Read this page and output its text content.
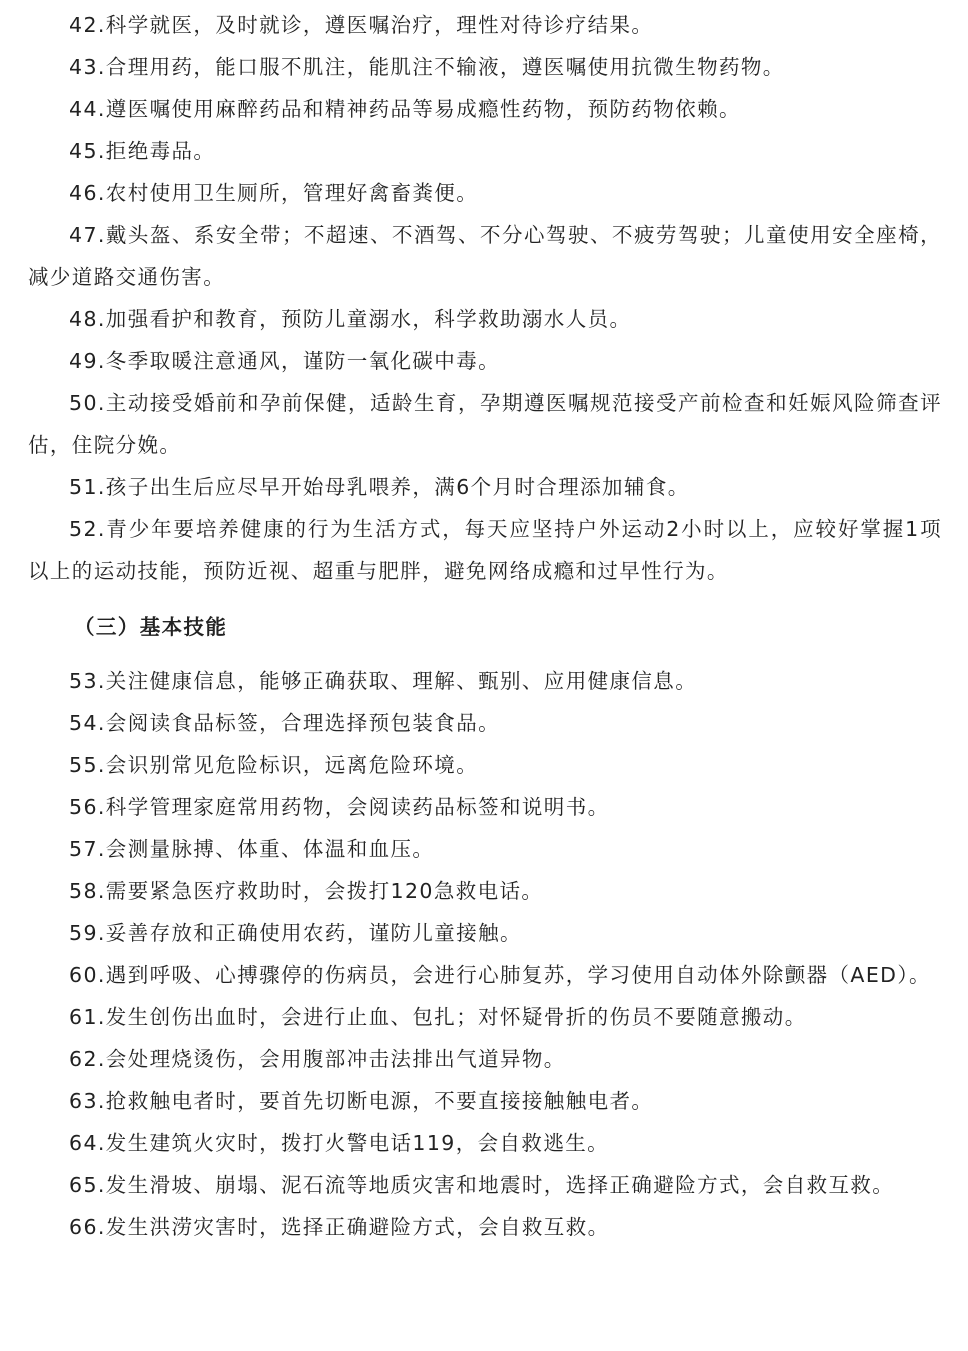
42.科学就医，及时就诊，遵医嘱治疗，理性对待诊疗结果。

43.合理用药，能口服不肌注，能肌注不输液，遵医嘱使用抗微生物药物。

44.遵医嘱使用麻醉药品和精神药品等易成瘾性药物，预防药物依赖。

45.拒绝毒品。

46.农村使用卫生厕所，管理好禽畜粪便。

47.戴头盔、系安全带；不超速、不酒驾、不分心驾驶、不疲劳驾驶；儿童使用安全座椅，减少道路交通伤害。

48.加强看护和教育，预防儿童溺水，科学救助溺水人员。

49.冬季取暖注意通风，谨防一氧化碳中毒。

50.主动接受婚前和孕前保健，适龄生育，孕期遵医嘱规范接受产前检查和妊娠风险筛查评估，住院分娩。

51.孩子出生后应尽早开始母乳喂养，满6个月时合理添加辅食。

52.青少年要培养健康的行为生活方式，每天应坚持户外运动2小时以上，应较好掌握1项以上的运动技能，预防近视、超重与肥胖，避免网络成瘾和过早性行为。

（三）基本技能

53.关注健康信息，能够正确获取、理解、甄别、应用健康信息。

54.会阅读食品标签，合理选择预包装食品。

55.会识别常见危险标识，远离危险环境。

56.科学管理家庭常用药物，会阅读药品标签和说明书。

57.会测量脉搏、体重、体温和血压。

58.需要紧急医疗救助时，会拨打120急救电话。

59.妥善存放和正确使用农药，谨防儿童接触。

60.遇到呼吸、心搏骤停的伤病员，会进行心肺复苏，学习使用自动体外除颤器（AED）。

61.发生创伤出血时，会进行止血、包扎；对怀疑骨折的伤员不要随意搬动。

62.会处理烧烫伤，会用腹部冲击法排出气道异物。

63.抢救触电者时，要首先切断电源，不要直接接触触电者。

64.发生建筑火灾时，拨打火警电话119，会自救逃生。

65.发生滑坡、崩塌、泥石流等地质灾害和地震时，选择正确避险方式，会自救互救。

66.发生洪涝灾害时，选择正确避险方式，会自救互救。
